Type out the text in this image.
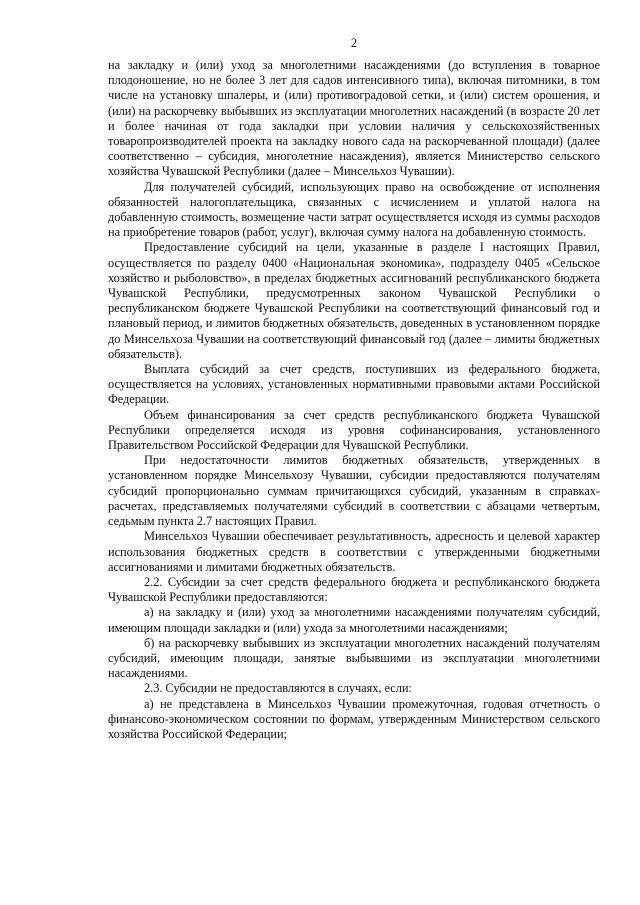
2

на закладку и (или) уход за многолетними насаждениями (до вступления в товарное плодоношение, но не более 3 лет для садов интенсивного типа), включая питомники, в том числе на установку шпалеры, и (или) противоградовой сетки, и (или) систем орошения, и (или) на раскорчевку выбывших из эксплуатации многолетних насаждений (в возрасте 20 лет и более начиная от года закладки при условии наличия у сельскохозяйственных товаропроизводителей проекта на закладку нового сада на раскорчеванной площади) (далее соответственно – субсидия, многолетние насаждения), является Министерство сельского хозяйства Чувашской Республики (далее – Минсельхоз Чувашии).

Для получателей субсидий, использующих право на освобождение от исполнения обязанностей налогоплательщика, связанных с исчислением и уплатой налога на добавленную стоимость, возмещение части затрат осуществляется исходя из суммы расходов на приобретение товаров (работ, услуг), включая сумму налога на добавленную стоимость.

Предоставление субсидий на цели, указанные в разделе I настоящих Правил, осуществляется по разделу 0400 «Национальная экономика», подразделу 0405 «Сельское хозяйство и рыболовство», в пределах бюджетных ассигнований республиканского бюджета Чувашской Республики, предусмотренных законом Чувашской Республики о республиканском бюджете Чувашской Республики на соответствующий финансовый год и плановый период, и лимитов бюджетных обязательств, доведенных в установленном порядке до Минсельхоза Чувашии на соответствующий финансовый год (далее – лимиты бюджетных обязательств).

Выплата субсидий за счет средств, поступивших из федерального бюджета, осуществляется на условиях, установленных нормативными правовыми актами Российской Федерации.

Объем финансирования за счет средств республиканского бюджета Чувашской Республики определяется исходя из уровня софинансирования, установленного Правительством Российской Федерации для Чувашской Республики.

При недостаточности лимитов бюджетных обязательств, утвержденных в установленном порядке Минсельхозу Чувашии, субсидии предоставляются получателям субсидий пропорционально суммам причитающихся субсидий, указанным в справках-расчетах, представляемых получателями субсидий в соответствии с абзацами четвертым, седьмым пункта 2.7 настоящих Правил.

Минсельхоз Чувашии обеспечивает результативность, адресность и целевой характер использования бюджетных средств в соответствии с утвержденными бюджетными ассигнованиями и лимитами бюджетных обязательств.

2.2. Субсидии за счет средств федерального бюджета и республиканского бюджета Чувашской Республики предоставляются:

а) на закладку и (или) уход за многолетними насаждениями получателям субсидий, имеющим площади закладки и (или) ухода за многолетними насаждениями;

б) на раскорчевку выбывших из эксплуатации многолетних насаждений получателям субсидий, имеющим площади, занятые выбывшими из эксплуатации многолетними насаждениями.

2.3. Субсидии не предоставляются в случаях, если:

а) не представлена в Минсельхоз Чувашии промежуточная, годовая отчетность о финансово-экономическом состоянии по формам, утвержденным Министерством сельского хозяйства Российской Федерации;
